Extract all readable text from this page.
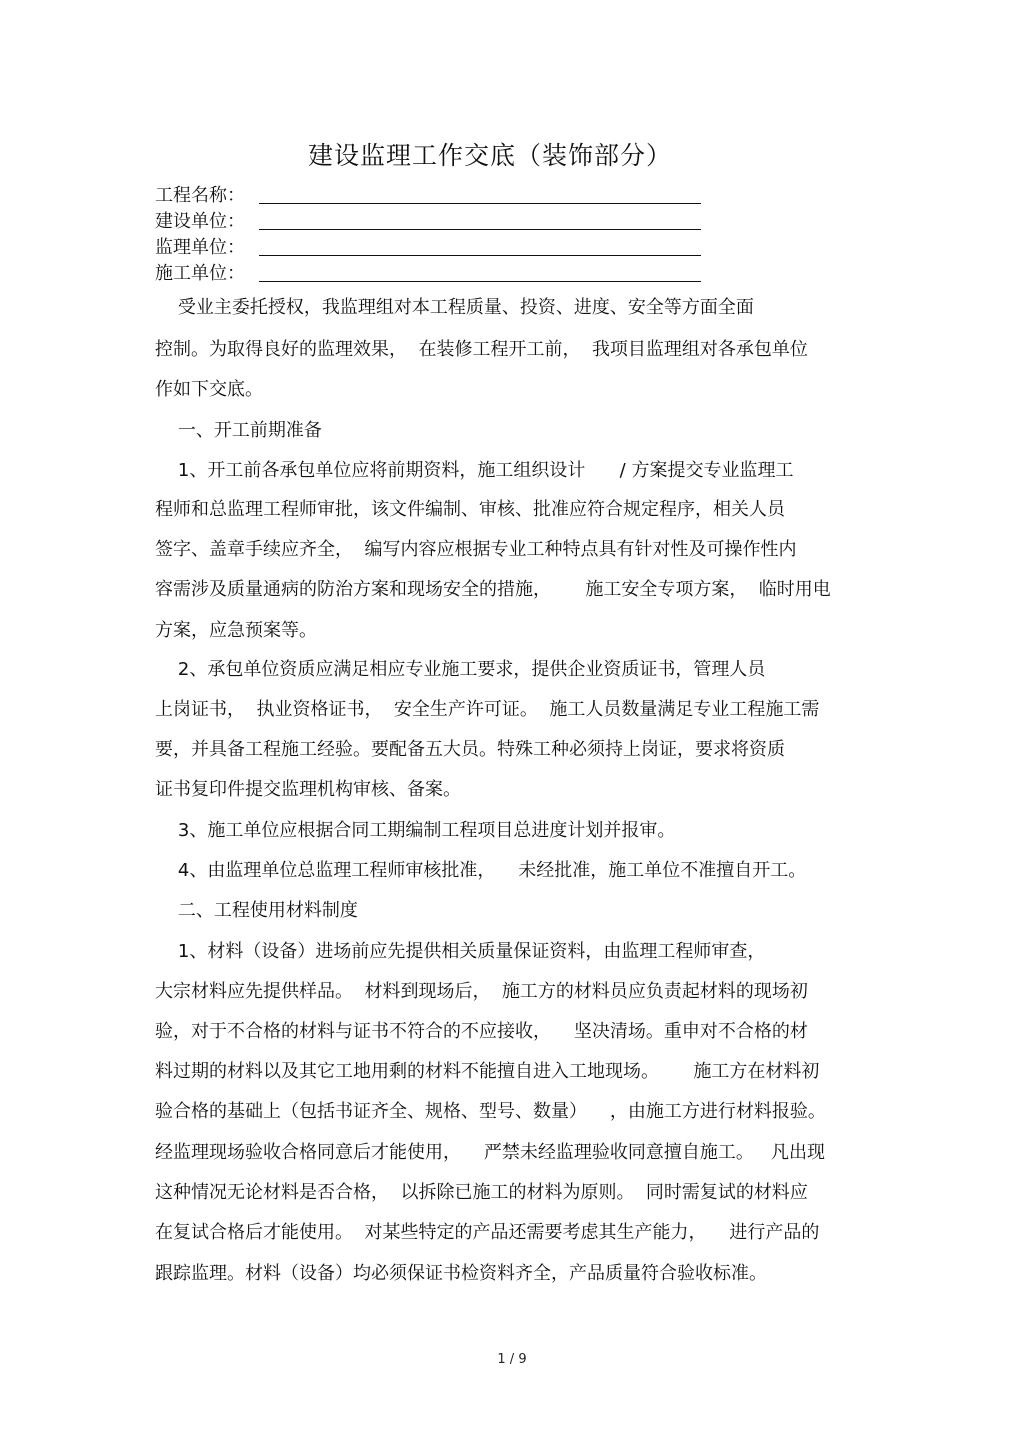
建设监理工作交底（装饰部分）
工程名称：
建设单位：
监理单位：
施工单位：
受业主委托授权，我监理组对本工程质量、投资、进度、安全等方面全面
控制。为取得良好的监理效果，  在装修工程开工前，  我项目监理组对各承包单位
作如下交底。
一、开工前期准备
1、开工前各承包单位应将前期资料，施工组织设计      / 方案提交专业监理工
程师和总监理工程师审批，该文件编制、审核、批准应符合规定程序，相关人员
签字、盖章手续应齐全，  编写内容应根据专业工种特点具有针对性及可操作性内
容需涉及质量通病的防治方案和现场安全的措施，      施工安全专项方案，  临时用电
方案，应急预案等。
2、承包单位资质应满足相应专业施工要求，提供企业资质证书，管理人员
上岗证书，  执业资格证书，  安全生产许可证。  施工人员数量满足专业工程施工需
要，并具备工程施工经验。要配备五大员。特殊工种必须持上岗证，要求将资质
证书复印件提交监理机构审核、备案。
3、施工单位应根据合同工期编制工程项目总进度计划并报审。
4、由监理单位总监理工程师审核批准，    未经批准，施工单位不准擅自开工。
二、工程使用材料制度
1、材料（设备）进场前应先提供相关质量保证资料，由监理工程师审查，
大宗材料应先提供样品。  材料到现场后，  施工方的材料员应负责起材料的现场初
验，对于不合格的材料与证书不符合的不应接收，    坚决清场。重申对不合格的材
料过期的材料以及其它工地用剩的材料不能擅自进入工地现场。      施工方在材料初
验合格的基础上（包括书证齐全、规格、型号、数量）    ，由施工方进行材料报验。
经监理现场验收合格同意后才能使用，    严禁未经监理验收同意擅自施工。   凡出现
这种情况无论材料是否合格，  以拆除已施工的材料为原则。  同时需复试的材料应
在复试合格后才能使用。  对某些特定的产品还需要考虑其生产能力，    进行产品的
跟踪监理。材料（设备）均必须保证书检资料齐全，产品质量符合验收标准。
1 / 9
